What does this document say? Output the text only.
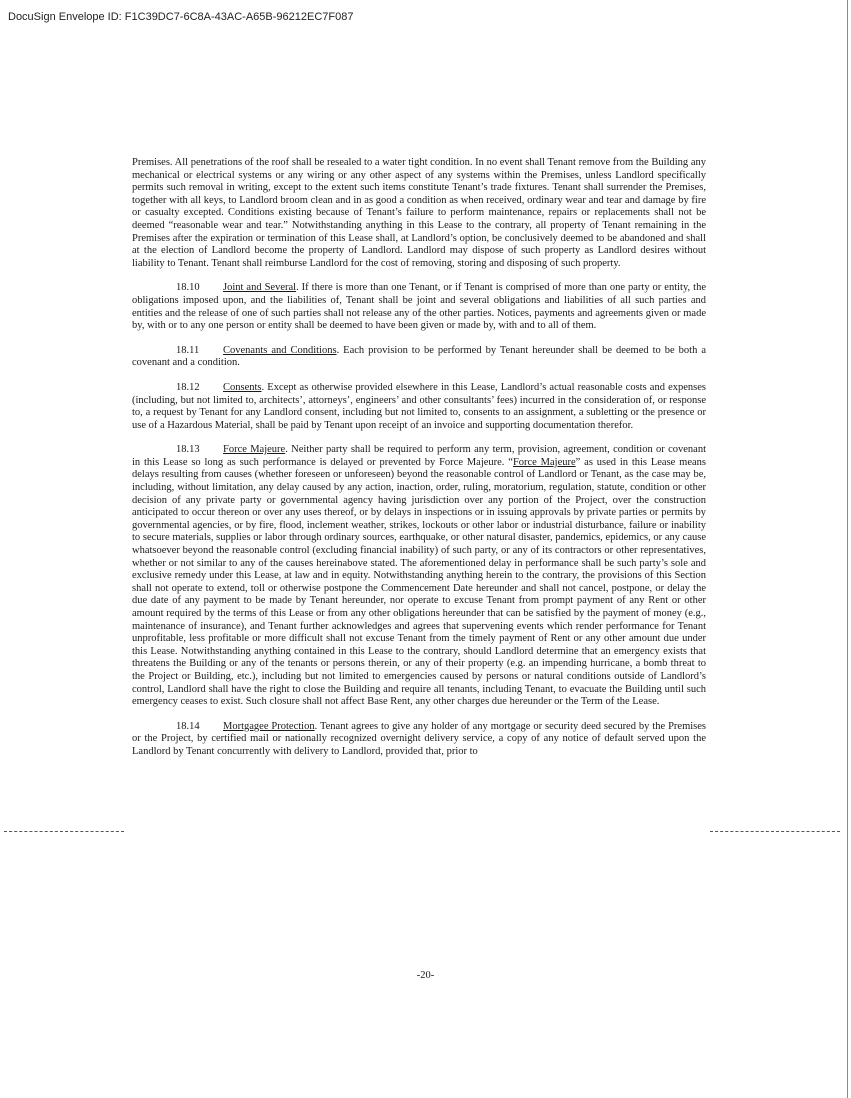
DocuSign Envelope ID: F1C39DC7-6C8A-43AC-A65B-96212EC7F087

Premises. All penetrations of the roof shall be resealed to a water tight condition. In no event shall Tenant remove from the Building any mechanical or electrical systems or any wiring or any other aspect of any systems within the Premises, unless Landlord specifically permits such removal in writing, except to the extent such items constitute Tenant’s trade fixtures. Tenant shall surrender the Premises, together with all keys, to Landlord broom clean and in as good a condition as when received, ordinary wear and tear and damage by fire or casualty excepted. Conditions existing because of Tenant’s failure to perform maintenance, repairs or replacements shall not be deemed “reasonable wear and tear.” Notwithstanding anything in this Lease to the contrary, all property of Tenant remaining in the Premises after the expiration or termination of this Lease shall, at Landlord’s option, be conclusively deemed to be abandoned and shall at the election of Landlord become the property of Landlord. Landlord may dispose of such property as Landlord desires without liability to Tenant. Tenant shall reimburse Landlord for the cost of removing, storing and disposing of such property.

18.10 Joint and Several. If there is more than one Tenant, or if Tenant is comprised of more than one party or entity, the obligations imposed upon, and the liabilities of, Tenant shall be joint and several obligations and liabilities of all such parties and entities and the release of one of such parties shall not release any of the other parties. Notices, payments and agreements given or made by, with or to any one person or entity shall be deemed to have been given or made by, with and to all of them.

18.11 Covenants and Conditions. Each provision to be performed by Tenant hereunder shall be deemed to be both a covenant and a condition.

18.12 Consents. Except as otherwise provided elsewhere in this Lease, Landlord’s actual reasonable costs and expenses (including, but not limited to, architects’, attorneys’, engineers’ and other consultants’ fees) incurred in the consideration of, or response to, a request by Tenant for any Landlord consent, including but not limited to, consents to an assignment, a subletting or the presence or use of a Hazardous Material, shall be paid by Tenant upon receipt of an invoice and supporting documentation therefor.

18.13 Force Majeure. Neither party shall be required to perform any term, provision, agreement, condition or covenant in this Lease so long as such performance is delayed or prevented by Force Majeure. “Force Majeure” as used in this Lease means delays resulting from causes (whether foreseen or unforeseen) beyond the reasonable control of Landlord or Tenant, as the case may be, including, without limitation, any delay caused by any action, inaction, order, ruling, moratorium, regulation, statute, condition or other decision of any private party or governmental agency having jurisdiction over any portion of the Project, over the construction anticipated to occur thereon or over any uses thereof, or by delays in inspections or in issuing approvals by private parties or permits by governmental agencies, or by fire, flood, inclement weather, strikes, lockouts or other labor or industrial disturbance, failure or inability to secure materials, supplies or labor through ordinary sources, earthquake, or other natural disaster, pandemics, epidemics, or any cause whatsoever beyond the reasonable control (excluding financial inability) of such party, or any of its contractors or other representatives, whether or not similar to any of the causes hereinabove stated. The aforementioned delay in performance shall be such party’s sole and exclusive remedy under this Lease, at law and in equity. Notwithstanding anything herein to the contrary, the provisions of this Section shall not operate to extend, toll or otherwise postpone the Commencement Date hereunder and shall not cancel, postpone, or delay the due date of any payment to be made by Tenant hereunder, nor operate to excuse Tenant from prompt payment of any Rent or other amount required by the terms of this Lease or from any other obligations hereunder that can be satisfied by the payment of money (e.g., maintenance of insurance), and Tenant further acknowledges and agrees that supervening events which render performance for Tenant unprofitable, less profitable or more difficult shall not excuse Tenant from the timely payment of Rent or any other amount due under this Lease. Notwithstanding anything contained in this Lease to the contrary, should Landlord determine that an emergency exists that threatens the Building or any of the tenants or persons therein, or any of their property (e.g. an impending hurricane, a bomb threat to the Project or Building, etc.), including but not limited to emergencies caused by persons or natural conditions outside of Landlord’s control, Landlord shall have the right to close the Building and require all tenants, including Tenant, to evacuate the Building until such emergency ceases to exist. Such closure shall not affect Base Rent, any other charges due hereunder or the Term of the Lease.

18.14 Mortgagee Protection. Tenant agrees to give any holder of any mortgage or security deed secured by the Premises or the Project, by certified mail or nationally recognized overnight delivery service, a copy of any notice of default served upon the Landlord by Tenant concurrently with delivery to Landlord, provided that, prior to

-20-
